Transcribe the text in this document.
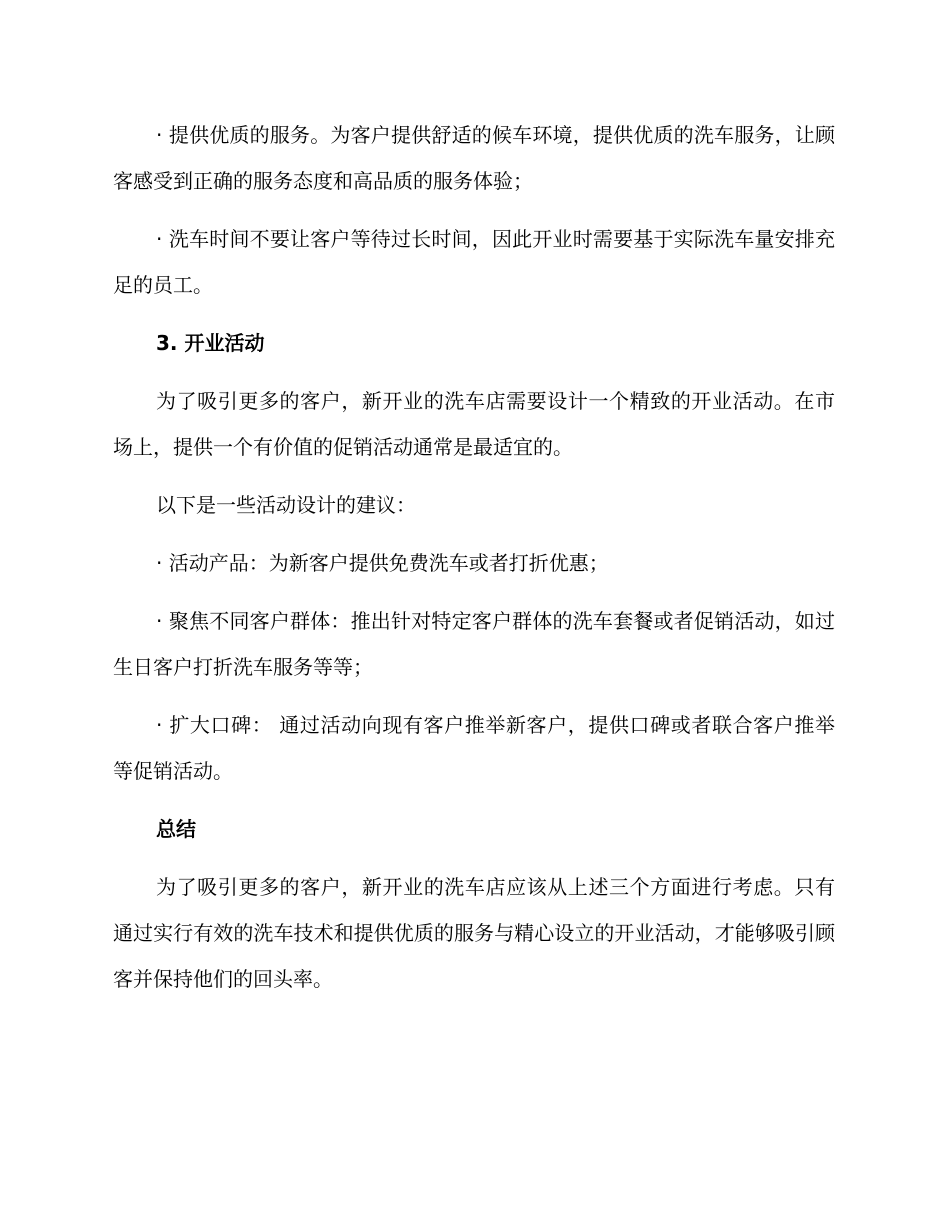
· 提供优质的服务。为客户提供舒适的候车环境，提供优质的洗车服务，让顾客感受到正确的服务态度和高品质的服务体验；

· 洗车时间不要让客户等待过长时间，因此开业时需要基于实际洗车量安排充足的员工。

3. 开业活动

为了吸引更多的客户，新开业的洗车店需要设计一个精致的开业活动。在市场上，提供一个有价值的促销活动通常是最适宜的。

以下是一些活动设计的建议：

· 活动产品：为新客户提供免费洗车或者打折优惠；

· 聚焦不同客户群体：推出针对特定客户群体的洗车套餐或者促销活动，如过生日客户打折洗车服务等等；

· 扩大口碑： 通过活动向现有客户推举新客户，提供口碑或者联合客户推举等促销活动。

总结

为了吸引更多的客户，新开业的洗车店应该从上述三个方面进行考虑。只有通过实行有效的洗车技术和提供优质的服务与精心设立的开业活动，才能够吸引顾客并保持他们的回头率。
